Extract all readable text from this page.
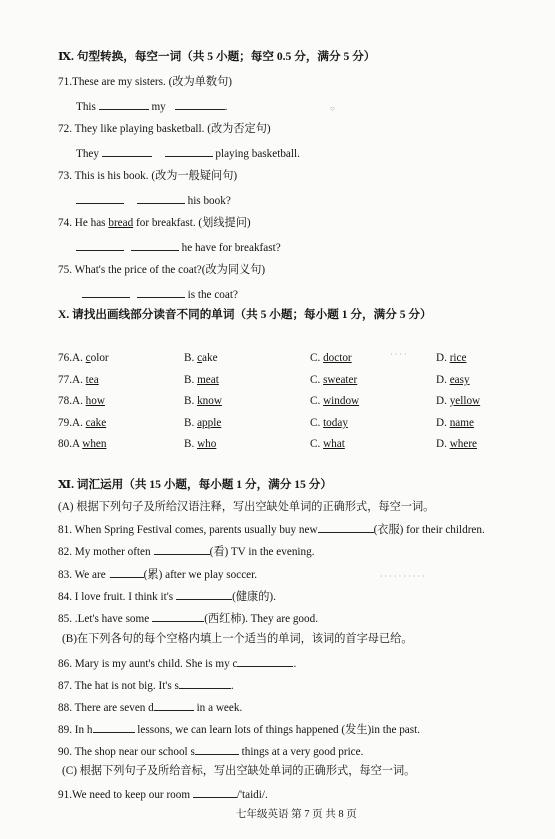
Ⅸ. 句型转换，每空一词（共 5 小题；每空 0.5 分，满分 5 分）
71.These are my sisters. (改为单数句)
This	my	.
72. They like playing basketball. (改为否定句)
They	playing basketball.
73. This is his book. (改为一般疑问句)
his book?
74. He has bread for breakfast. (划线提问)
he have for breakfast?
75. What's the price of the coat?(改为同义句)
is the coat?
X. 请找出画线部分读音不同的单词（共 5 小题；每小题 1 分，满分 5 分）
76.A. color	B. cake	C. doctor	D. rice
77.A. tea	B. meat	C. sweater	D. easy
78.A. how	B. know	C. window	D. yellow
79.A. cake	B. apple	C. today	D. name
80.A when	B. who	C. what	D. where
Ⅺ. 词汇运用（共 15 小题，每小题 1 分，满分 15 分）
(A) 根据下列句子及所给汉语注释，写出空缺处单词的正确形式，每空一词。
81. When Spring Festival comes, parents usually buy new	(衣服) for their children.
82. My mother often	(看) TV in the evening.
83. We are	(累) after we play soccer.
84. I love fruit. I think it's	(健康的).
85. .Let's have some	(西红柿). They are good.
(B)在下列各句的每个空格内填上一个适当的单词，该词的首字母已给。
86. Mary is my aunt's child. She is my c	.
87. The hat is not big. It's s	.
88. There are seven d	in a week.
89. In h	lessons, we can learn lots of things happened (发生)in the past.
90. The shop near our school s	things at a very good price.
(C) 根据下列句子及所给音标，写出空缺处单词的正确形式，每空一词。
91.We need to keep our room	/'taidi/.
七年级英语 第 7 页 共 8 页
○
· · · ·
· · · · · · · · · ·
